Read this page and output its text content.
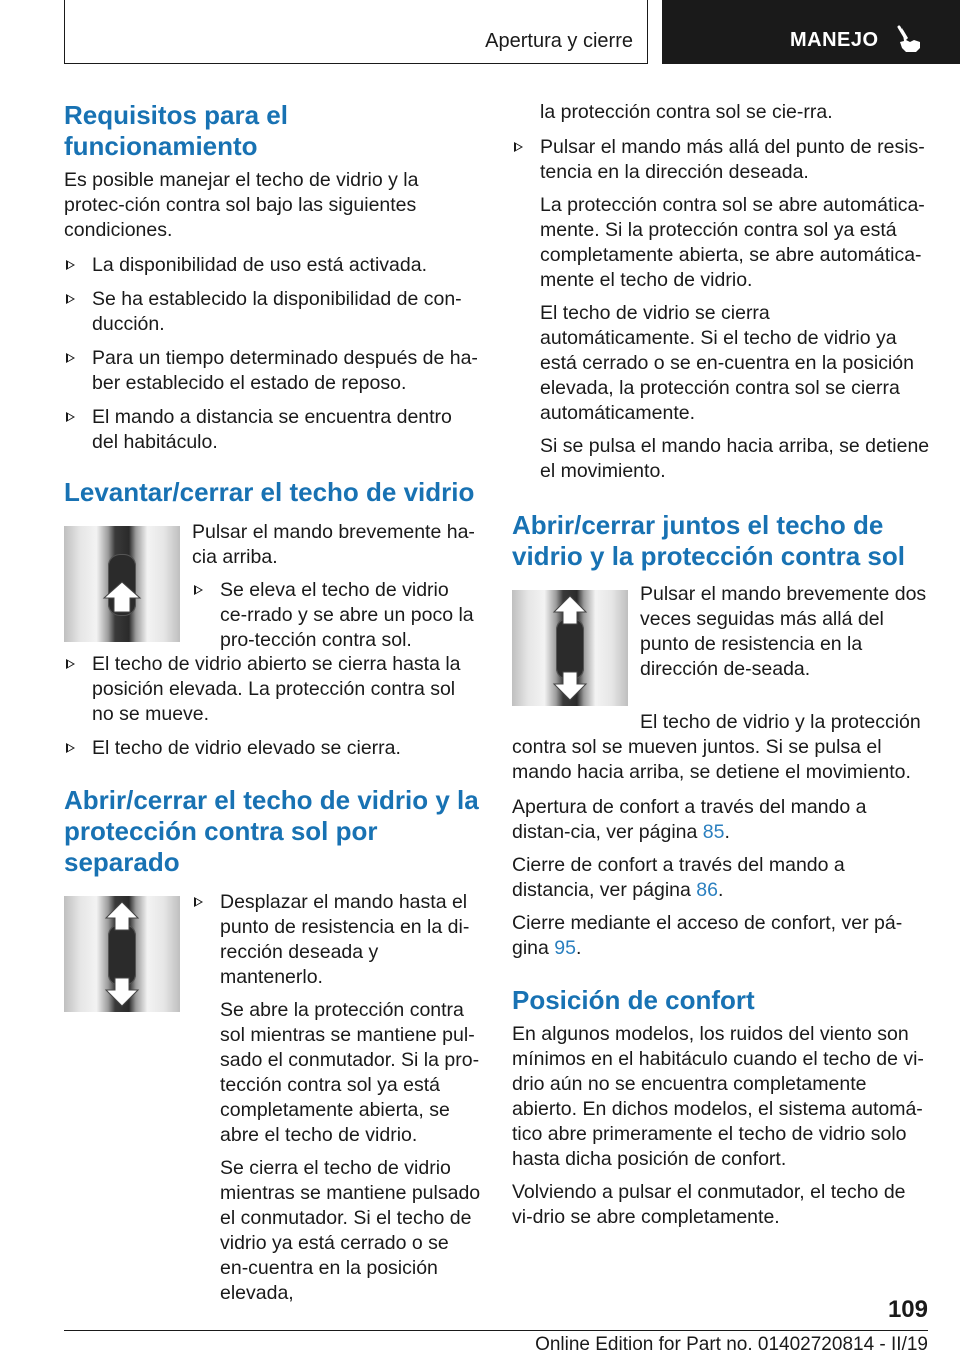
Apertura y cierre	MANEJO
Requisitos para el funcionamiento

Es posible manejar el techo de vidrio y la protec-ción contra sol bajo las siguientes condiciones.

La disponibilidad de uso está activada.
Se ha establecido la disponibilidad de con-ducción.
Para un tiempo determinado después de ha-ber establecido el estado de reposo.
El mando a distancia se encuentra dentro del habitáculo.
Levantar/cerrar el techo de vidrio

Pulsar el mando brevemente ha-cia arriba.

Se eleva el techo de vidrio ce-rrado y se abre un poco la pro-tección contra sol.
El techo de vidrio abierto se cierra hasta la posición elevada. La protección contra sol no se mueve.
El techo de vidrio elevado se cierra.
Abrir/cerrar el techo de vidrio y la protección contra sol por separado
Desplazar el mando hasta el punto de resistencia en la di-rección deseada y mantenerlo.

Se abre la protección contra sol mientras se mantiene pul-sado el conmutador. Si la pro-tección contra sol ya está completamente abierta, se abre el techo de vidrio.

Se cierra el techo de vidrio mientras se mantiene pulsado el conmutador. Si el techo de vidrio ya está cerrado o se en-cuentra en la posición elevada,

la protección contra sol se cie-rra.

Pulsar el mando más allá del punto de resis-tencia en la dirección deseada.

La protección contra sol se abre automática-mente. Si la protección contra sol ya está completamente abierta, se abre automática-mente el techo de vidrio.

El techo de vidrio se cierra automáticamente. Si el techo de vidrio ya está cerrado o se en-cuentra en la posición elevada, la protección contra sol se cierra automáticamente.

Si se pulsa el mando hacia arriba, se detiene el movimiento.

Abrir/cerrar juntos el techo de vidrio y la protección contra sol

Pulsar el mando brevemente dos veces seguidas más allá del punto de resistencia en la dirección de-seada.

El techo de vidrio y la protección contra sol se mueven juntos. Si se pulsa el mando hacia arriba, se detiene el movimiento.

Apertura de confort a través del mando a distan-cia, ver página 85.

Cierre de confort a través del mando a distancia, ver página 86.

Cierre mediante el acceso de confort, ver pá-gina 95.

Posición de confort

En algunos modelos, los ruidos del viento son mínimos en el habitáculo cuando el techo de vi-drio aún no se encuentra completamente abierto. En dichos modelos, el sistema automá-tico abre primeramente el techo de vidrio solo hasta dicha posición de confort.

Volviendo a pulsar el conmutador, el techo de vi-drio se abre completamente.

109
Online Edition for Part no. 01402720814 - II/19
